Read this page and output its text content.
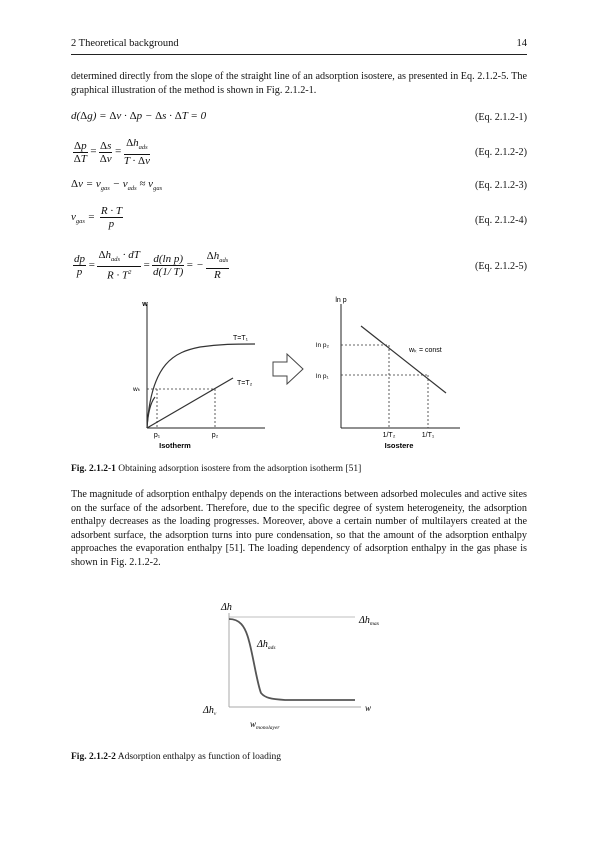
2 Theoretical background	14
determined directly from the slope of the straight line of an adsorption isostere, as presented in Eq. 2.1.2-5. The graphical illustration of the method is shown in Fig. 2.1.2-1.
d(Δg) = Δv · Δp − Δs · ΔT = 0	(Eq. 2.1.2-1)
$\frac{\Delta p}{\Delta T} = \frac{\Delta s}{\Delta v} = \frac{\Delta h_{ads}}{T \cdot \Delta v}$	(Eq. 2.1.2-2)
$\Delta v = v_{gas} - v_{ads} \approx v_{gas}$	(Eq. 2.1.2-3)
$v_{gas} = \frac{R \cdot T}{p}$	(Eq. 2.1.2-4)
$\frac{dp}{p} = \frac{\Delta h_{ads} \cdot dT}{R \cdot T^2} = \frac{\text{d(ln p)}}{d(1/ T)}$ = − $\frac{\Delta h_{ads}}{R}$	(Eq. 2.1.2-5)
w
T=T₁
T=T₂
wₖ
p₁	p₂
Isotherm
ln p
ln p₂
ln p₁
wₖ = const
1/T₂	1/T₁
Isostere
Fig. 2.1.2-1 Obtaining adsorption isostere from the adsorption isotherm [51]
The magnitude of adsorption enthalpy depends on the interactions between adsorbed molecules and active sites on the surface of the adsorbent. Therefore, due to the specific degree of system heterogeneity, the adsorption enthalpy decreases as the loading progresses. Moreover, above a certain number of multilayers created at the adsorbent surface, the adsorption turns into pure condensation, so that the amount of the adsorption enthalpy approaches the evaporation enthalpy [51]. The loading dependency of adsorption enthalpy in the gas phase is shown in Fig. 2.1.2-2.
Δh
$\Delta h_{max}$
$\Delta h_{ads}$
$\Delta h_v$
w
$w_{monolayer}$
Fig. 2.1.2-2 Adsorption enthalpy as function of loading
